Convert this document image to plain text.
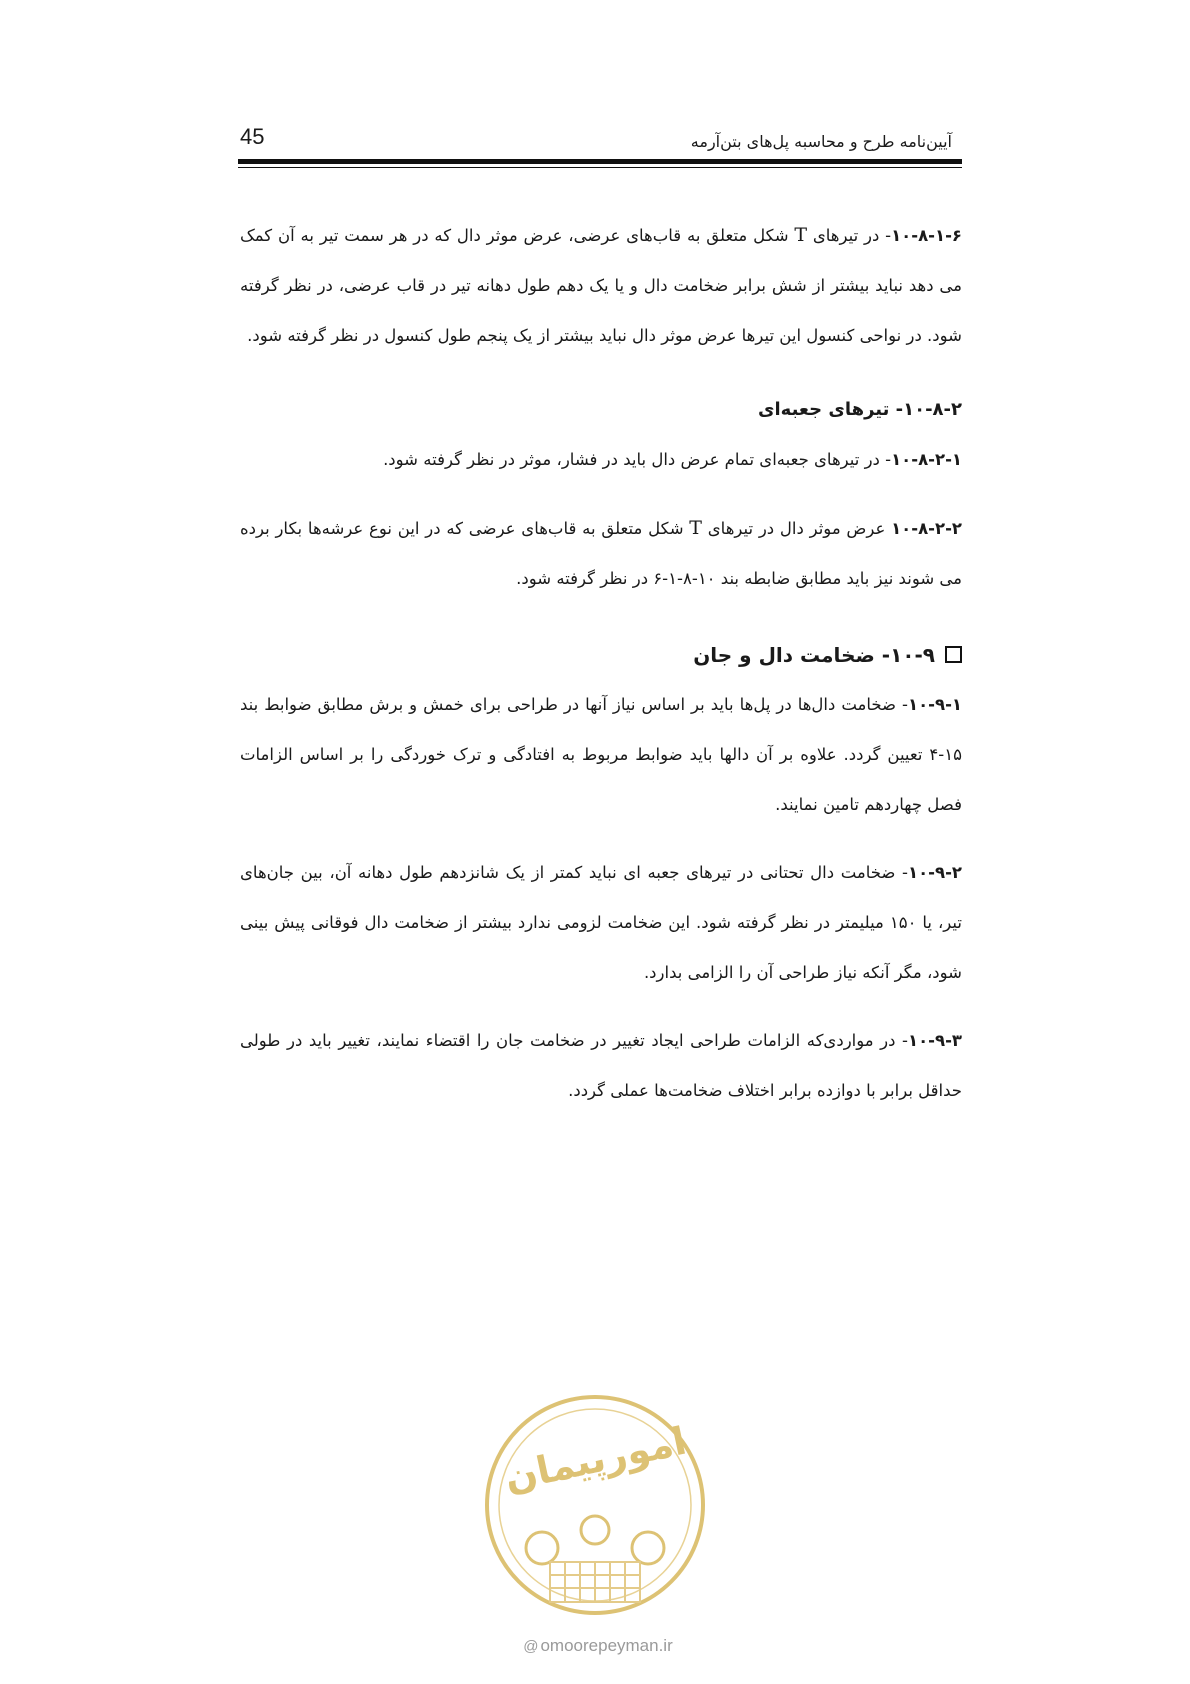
45	آیین‌نامه طرح و محاسبه پل‌های بتن‌آرمه

۱۰-۸-۱-۶- در تیرهای T شکل متعلق به قاب‌های عرضی، عرض موثر دال که در هر سمت تیر به آن کمک می دهد نباید بیشتر از شش برابر ضخامت دال و یا یک دهم طول دهانه تیر در قاب عرضی، در نظر گرفته شود. در نواحی کنسول این تیرها عرض موثر دال نباید بیشتر از یک پنجم طول کنسول در نظر گرفته شود.

۱۰-۸-۲- تیرهای جعبه‌ای

۱۰-۸-۲-۱- در تیرهای جعبه‌ای تمام عرض دال باید در فشار، موثر در نظر گرفته شود.

۱۰-۸-۲-۲ عرض موثر دال در تیرهای T شکل متعلق به قاب‌های عرضی که در این نوع عرشه‌ها بکار برده می شوند نیز باید مطابق ضابطه بند ۱۰-۸-۱-۶ در نظر گرفته شود.

۱۰-۹- ضخامت دال و جان

۱۰-۹-۱- ضخامت دال‌ها در پل‌ها باید بر اساس نیاز آنها در طراحی برای خمش و برش مطابق ضوابط بند ۱۵-۴ تعیین گردد. علاوه بر آن دالها باید ضوابط مربوط به افتادگی و ترک خوردگی را بر اساس الزامات فصل چهاردهم تامین نمایند.

۱۰-۹-۲- ضخامت دال تحتانی در تیرهای جعبه ای نباید کمتر از یک شانزدهم طول دهانه آن، بین جان‌های تیر، یا ۱۵۰ میلیمتر در نظر گرفته شود. این ضخامت لزومی ندارد بیشتر از ضخامت دال فوقانی پیش بینی شود، مگر آنکه نیاز طراحی آن را الزامی بدارد.

۱۰-۹-۳- در مواردی‌که الزامات طراحی ایجاد تغییر در ضخامت جان را اقتضاء نمایند، تغییر باید در طولی حداقل برابر با دوازده برابر اختلاف ضخامت‌ها عملی گردد.

امورپیمان
@ omoorepeyman.ir
